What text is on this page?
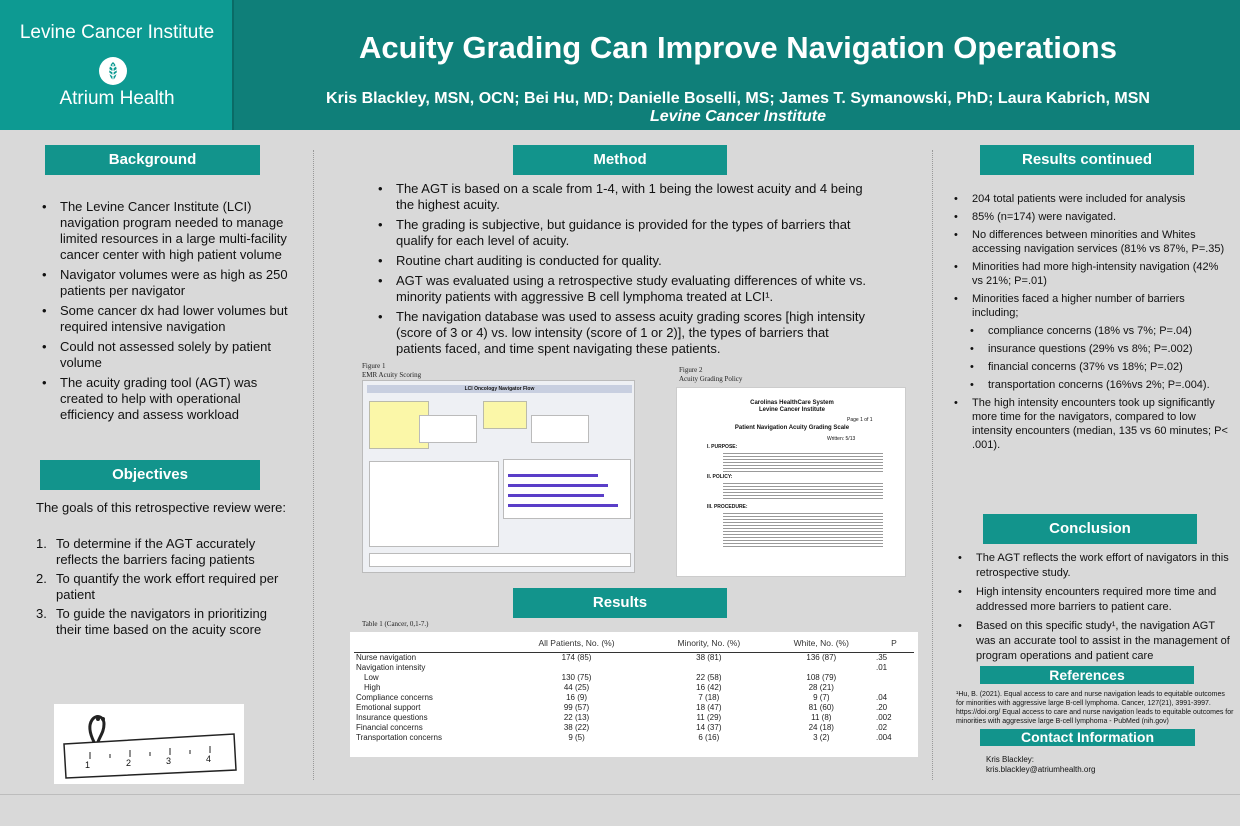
Levine Cancer Institute
Atrium Health
Acuity Grading Can Improve Navigation Operations
Kris Blackley, MSN, OCN; Bei Hu, MD; Danielle Boselli, MS; James T. Symanowski, PhD; Laura Kabrich, MSN
Levine Cancer Institute
Background
• The Levine Cancer Institute (LCI) navigation program needed to manage limited resources in a large multi-facility cancer center with high patient volume
• Navigator volumes were as high as 250 patients per navigator
• Some cancer dx had lower volumes but required intensive navigation
• Could not assessed solely by patient volume
• The acuity grading tool (AGT) was created to help with operational efficiency and assess workload
Objectives
The goals of this retrospective review were:
1. To determine if the AGT accurately reflects the barriers facing patients
2. To quantify the work effort required per patient
3. To guide the navigators in prioritizing their time based on the acuity score
1	2	3	4
Method
• The AGT is based on a scale from 1-4, with 1 being the lowest acuity and 4 being the highest acuity.
• The grading is subjective, but guidance is provided for the types of barriers that qualify for each level of acuity.
• Routine chart auditing is conducted for quality.
• AGT was evaluated using a retrospective study evaluating differences of white vs. minority patients with aggressive B cell lymphoma treated at LCI¹.
• The navigation database was used to assess acuity grading scores [high intensity (score of 3 or 4) vs. low intensity (score of 1 or 2)], the types of barriers that patients faced, and time spent navigating these patients.
Figure 1
EMR Acuity Scoring
LCI Oncology Navigator Flow
Figure 2
Acuity Grading Policy
Carolinas HealthCare System
Levine Cancer Institute
Page 1 of 1
Patient Navigation Acuity Grading Scale
Written: 5/13
I. PURPOSE:
II. POLICY:
III. PROCEDURE:
Results
Table 1 (Cancer, 0,1-7.)
	All Patients, No. (%)	Minority, No. (%)	White, No. (%)	P
Nurse navigation	174 (85)	38 (81)	136 (87)	.35
Navigation intensity				.01
Low	130 (75)	22 (58)	108 (79)	
High	44 (25)	16 (42)	28 (21)	
Compliance concerns	16 (9)	7 (18)	9 (7)	.04
Emotional support	99 (57)	18 (47)	81 (60)	.20
Insurance questions	22 (13)	11 (29)	11 (8)	.002
Financial concerns	38 (22)	14 (37)	24 (18)	.02
Transportation concerns	9 (5)	6 (16)	3 (2)	.004
Results continued
• 204 total patients were included for analysis
• 85% (n=174) were navigated.
• No differences between minorities and Whites accessing navigation services (81% vs 87%, P=.35)
• Minorities had more high-intensity navigation (42% vs 21%; P=.01)
• Minorities faced a higher number of barriers including;
• compliance concerns (18% vs 7%; P=.04)
• insurance questions (29% vs 8%; P=.002)
• financial concerns (37% vs 18%; P=.02)
• transportation concerns (16%vs 2%; P=.004).
• The high intensity encounters took up significantly more time for the navigators, compared to low intensity encounters (median, 135 vs 60 minutes; P< .001).
Conclusion
• The AGT reflects the work effort of navigators in this retrospective study.
• High intensity encounters required more time and addressed more barriers to patient care.
• Based on this specific study¹, the navigation AGT was an accurate tool to assist in the management of program operations and patient care
References
¹Hu, B. (2021). Equal access to care and nurse navigation leads to equitable outcomes for minorities with aggressive large B-cell lymphoma. Cancer, 127(21), 3991-3997. https://doi.org/ Equal access to care and nurse navigation leads to equitable outcomes for minorities with aggressive large B-cell lymphoma - PubMed (nih.gov)
Contact Information
Kris Blackley:
kris.blackley@atriumhealth.org
